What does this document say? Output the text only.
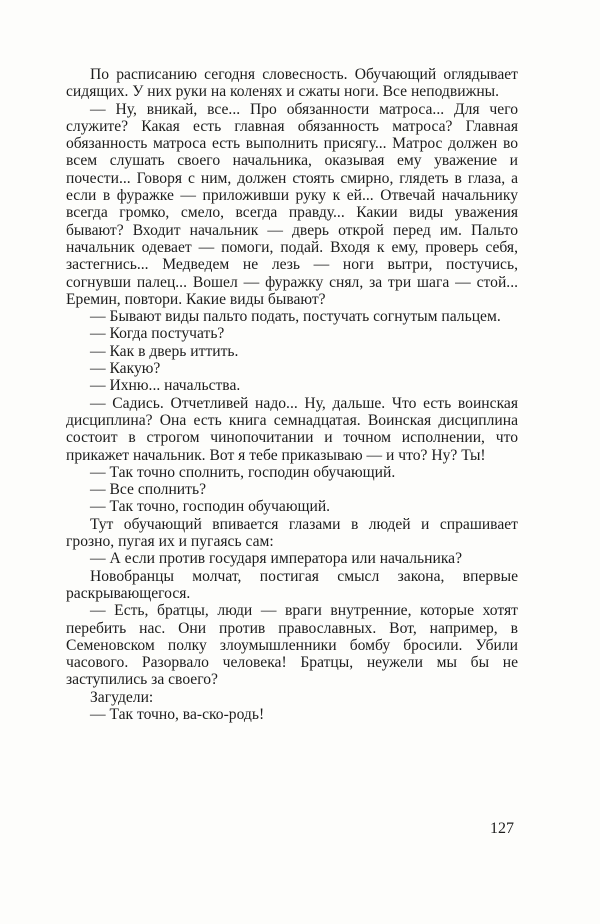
По расписанию сегодня словесность. Обучающий оглядывает сидящих. У них руки на коленях и сжаты ноги. Все неподвижны.

— Ну, вникай, все... Про обязанности матроса... Для чего служите? Какая есть главная обязанность матроса? Главная обязанность матроса есть выполнить присягу... Матрос должен во всем слушать своего начальника, оказывая ему уважение и почести... Говоря с ним, должен стоять смирно, глядеть в глаза, а если в фуражке — приложивши руку к ей... Отвечай начальнику всегда громко, смело, всегда правду... Какии виды уважения бывают? Входит начальник — дверь открой перед им. Пальто начальник одевает — помоги, подай. Входя к ему, проверь себя, застегнись... Медведем не лезь — ноги вытри, постучись, согнувши палец... Вошел — фуражку снял, за три шага — стой... Еремин, повтори. Какие виды бывают?

— Бывают виды пальто подать, постучать согнутым пальцем.

— Когда постучать?

— Как в дверь иттить.

— Какую?

— Ихню... начальства.

— Садись. Отчетливей надо... Ну, дальше. Что есть воинская дисциплина? Она есть книга семнадцатая. Воинская дисциплина состоит в строгом чинопочитании и точном исполнении, что прикажет начальник. Вот я тебе приказываю — и что? Ну? Ты!

— Так точно сполнить, господин обучающий.

— Все сполнить?

— Так точно, господин обучающий.

Тут обучающий впивается глазами в людей и спрашивает грозно, пугая их и пугаясь сам:

— А если против государя императора или начальника?

Новобранцы молчат, постигая смысл закона, впервые раскрывающегося.

— Есть, братцы, люди — враги внутренние, которые хотят перебить нас. Они против православных. Вот, например, в Семеновском полку злоумышленники бомбу бросили. Убили часового. Разорвало человека! Братцы, неужели мы бы не заступились за своего?

Загудели:

— Так точно, ва-ско-родь!

127
